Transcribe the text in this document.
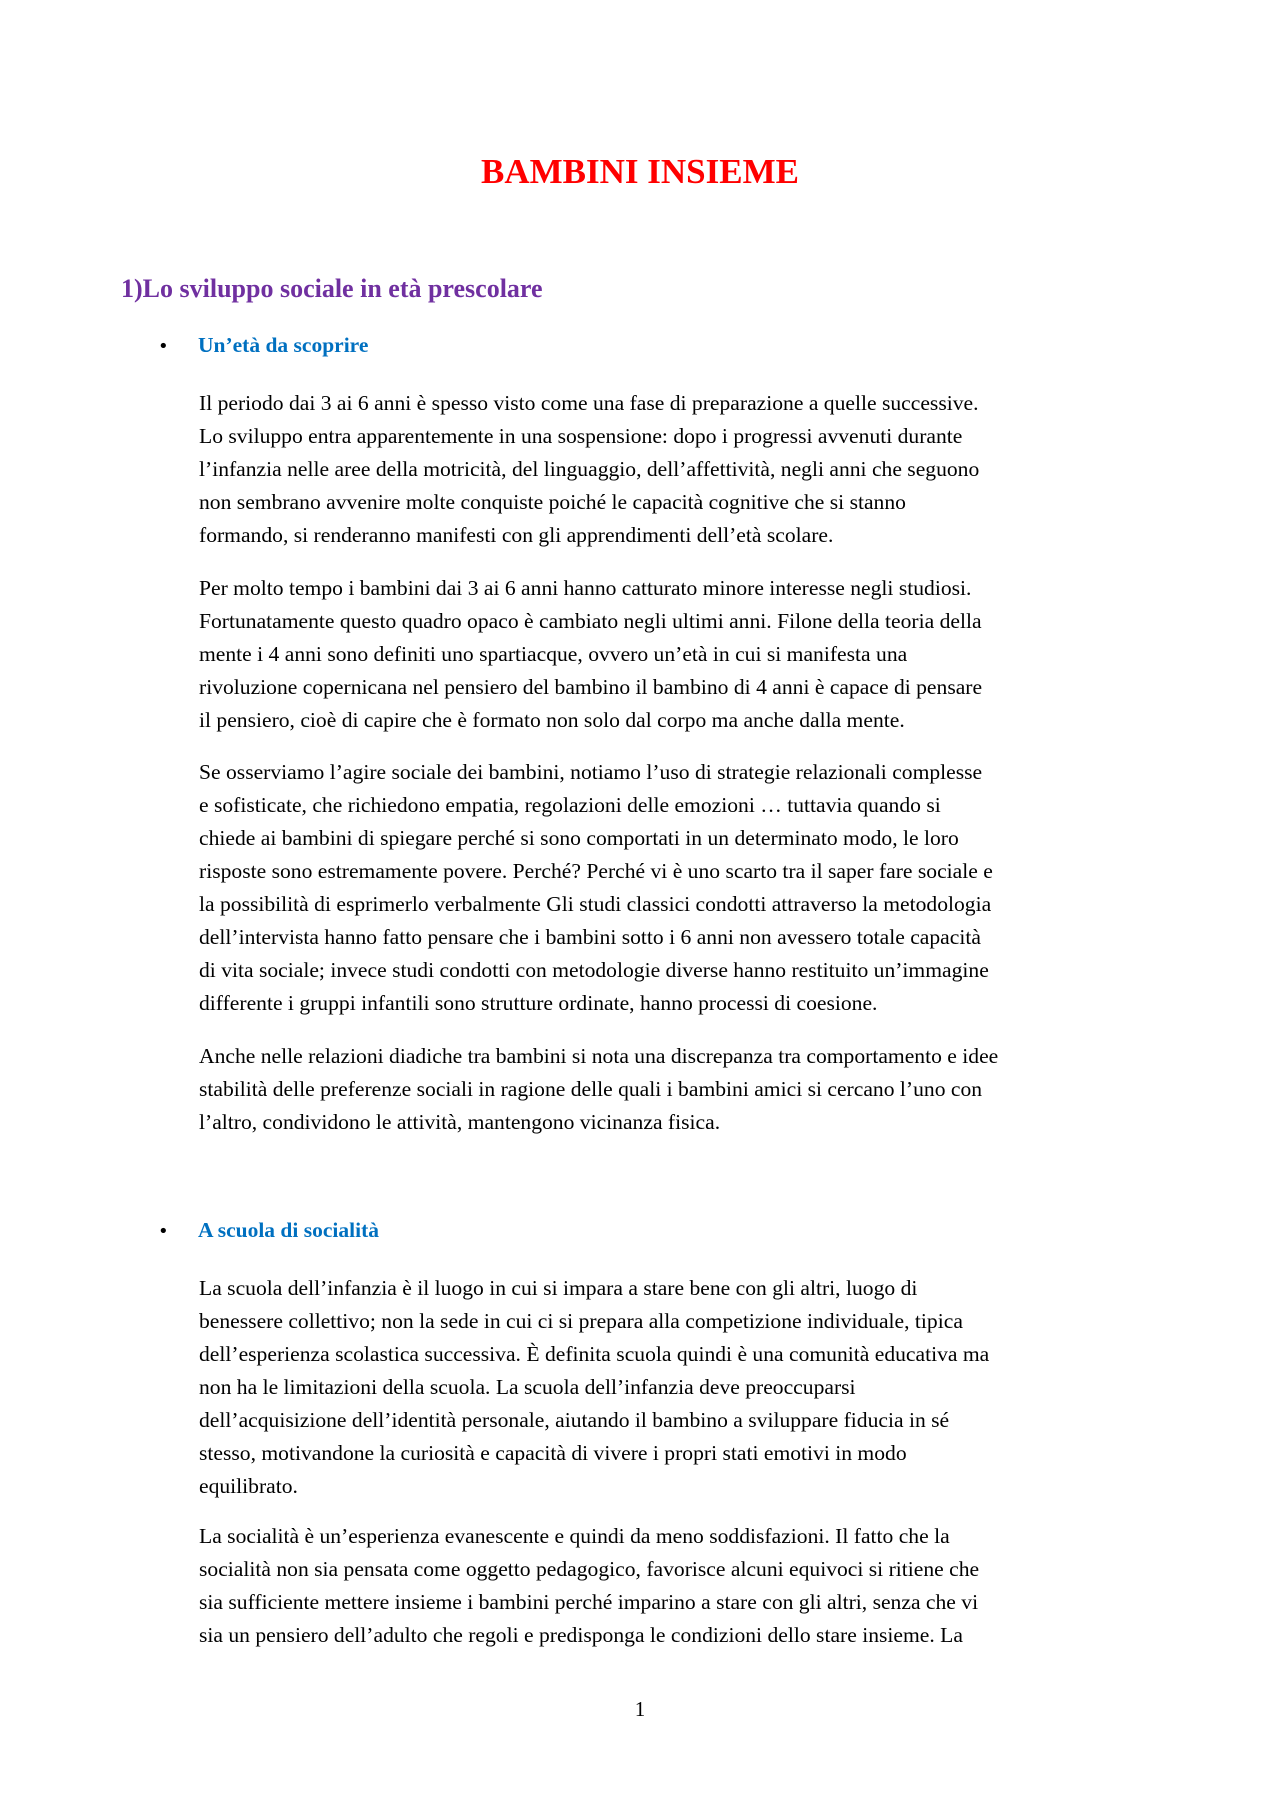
BAMBINI INSIEME
1)Lo sviluppo sociale in età prescolare
•	Un’età da scoprire

Il periodo dai 3 ai 6 anni è spesso visto come una fase di preparazione a quelle successive.
Lo sviluppo entra apparentemente in una sospensione: dopo i progressi avvenuti durante
l’infanzia nelle aree della motricità, del linguaggio, dell’affettività, negli anni che seguono
non sembrano avvenire molte conquiste poiché le capacità cognitive che si stanno
formando, si renderanno manifesti con gli apprendimenti dell’età scolare.

Per molto tempo i bambini dai 3 ai 6 anni hanno catturato minore interesse negli studiosi.
Fortunatamente questo quadro opaco è cambiato negli ultimi anni. Filone della teoria della
mente i 4 anni sono definiti uno spartiacque, ovvero un’età in cui si manifesta una
rivoluzione copernicana nel pensiero del bambino il bambino di 4 anni è capace di pensare
il pensiero, cioè di capire che è formato non solo dal corpo ma anche dalla mente.

Se osserviamo l’agire sociale dei bambini, notiamo l’uso di strategie relazionali complesse
e sofisticate, che richiedono empatia, regolazioni delle emozioni … tuttavia quando si
chiede ai bambini di spiegare perché si sono comportati in un determinato modo, le loro
risposte sono estremamente povere. Perché? Perché vi è uno scarto tra il saper fare sociale e
la possibilità di esprimerlo verbalmente Gli studi classici condotti attraverso la metodologia
dell’intervista hanno fatto pensare che i bambini sotto i 6 anni non avessero totale capacità
di vita sociale; invece studi condotti con metodologie diverse hanno restituito un’immagine
differente i gruppi infantili sono strutture ordinate, hanno processi di coesione.

Anche nelle relazioni diadiche tra bambini si nota una discrepanza tra comportamento e idee
stabilità delle preferenze sociali in ragione delle quali i bambini amici si cercano l’uno con
l’altro, condividono le attività, mantengono vicinanza fisica.

•	A scuola di socialità

La scuola dell’infanzia è il luogo in cui si impara a stare bene con gli altri, luogo di
benessere collettivo; non la sede in cui ci si prepara alla competizione individuale, tipica
dell’esperienza scolastica successiva. È definita scuola quindi è una comunità educativa ma
non ha le limitazioni della scuola. La scuola dell’infanzia deve preoccuparsi
dell’acquisizione dell’identità personale, aiutando il bambino a sviluppare fiducia in sé
stesso, motivandone la curiosità e capacità di vivere i propri stati emotivi in modo
equilibrato.

La socialità è un’esperienza evanescente e quindi da meno soddisfazioni. Il fatto che la
socialità non sia pensata come oggetto pedagogico, favorisce alcuni equivoci si ritiene che
sia sufficiente mettere insieme i bambini perché imparino a stare con gli altri, senza che vi
sia un pensiero dell’adulto che regoli e predisponga le condizioni dello stare insieme. La

1
